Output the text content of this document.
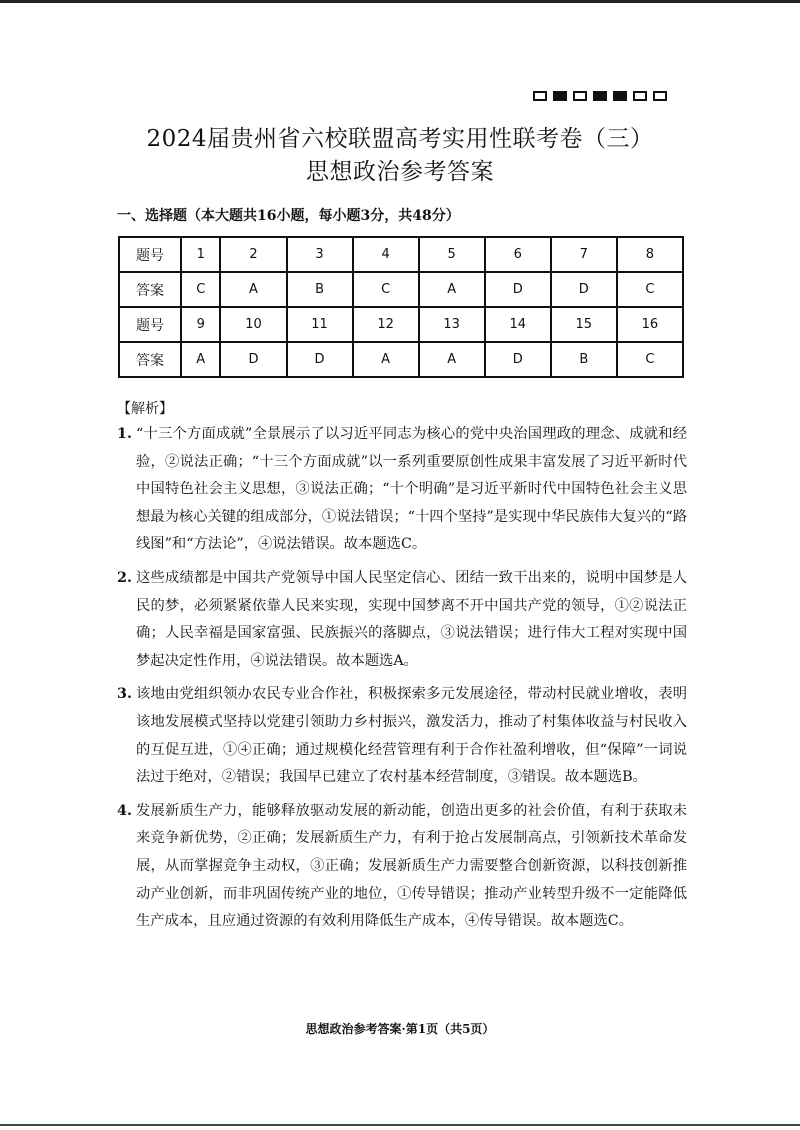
2024届贵州省六校联盟高考实用性联考卷（三）
思想政治参考答案
一、选择题（本大题共16小题，每小题3分，共48分）
题号	1	2	3	4	5	6	7	8
答案	C	A	B	C	A	D	D	C
题号	9	10	11	12	13	14	15	16
答案	A	D	D	A	A	D	B	C
【解析】
1. “十三个方面成就”全景展示了以习近平同志为核心的党中央治国理政的理念、成就和经验，②说法正确；“十三个方面成就”以一系列重要原创性成果丰富发展了习近平新时代中国特色社会主义思想，③说法正确；“十个明确”是习近平新时代中国特色社会主义思想最为核心关键的组成部分，①说法错误；“十四个坚持”是实现中华民族伟大复兴的“路线图”和“方法论”，④说法错误。故本题选C。
2. 这些成绩都是中国共产党领导中国人民坚定信心、团结一致干出来的，说明中国梦是人民的梦，必须紧紧依靠人民来实现，实现中国梦离不开中国共产党的领导，①②说法正确；人民幸福是国家富强、民族振兴的落脚点，③说法错误；进行伟大工程对实现中国梦起决定性作用，④说法错误。故本题选A。
3. 该地由党组织领办农民专业合作社，积极探索多元发展途径，带动村民就业增收，表明该地发展模式坚持以党建引领助力乡村振兴，激发活力，推动了村集体收益与村民收入的互促互进，①④正确；通过规模化经营管理有利于合作社盈利增收，但“保障”一词说法过于绝对，②错误；我国早已建立了农村基本经营制度，③错误。故本题选B。
4. 发展新质生产力，能够释放驱动发展的新动能，创造出更多的社会价值，有利于获取未来竞争新优势，②正确；发展新质生产力，有利于抢占发展制高点，引领新技术革命发展，从而掌握竞争主动权，③正确；发展新质生产力需要整合创新资源，以科技创新推动产业创新，而非巩固传统产业的地位，①传导错误；推动产业转型升级不一定能降低生产成本，且应通过资源的有效利用降低生产成本，④传导错误。故本题选C。
思想政治参考答案·第1页（共5页）
